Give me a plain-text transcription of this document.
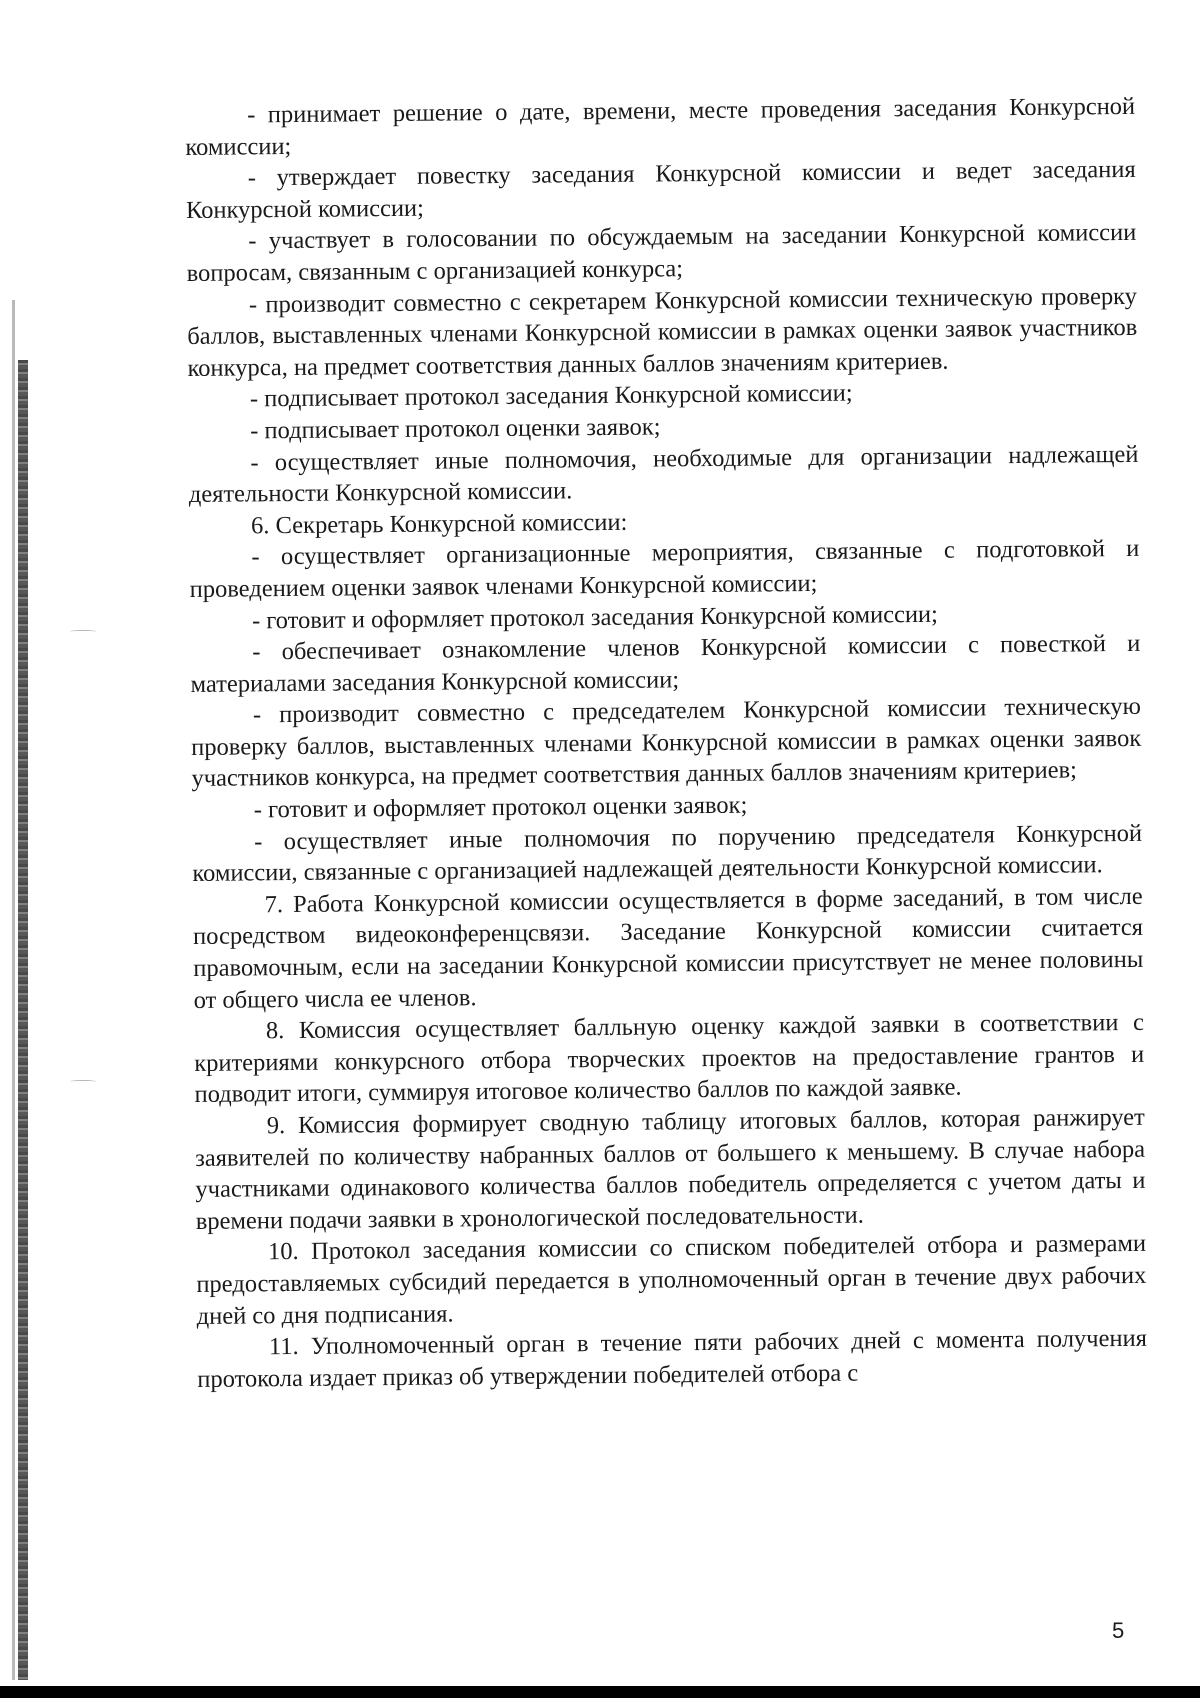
- принимает решение о дате, времени, месте проведения заседания Конкурсной комиссии;

- утверждает повестку заседания Конкурсной комиссии и ведет заседания Конкурсной комиссии;

- участвует в голосовании по обсуждаемым на заседании Конкурсной комиссии вопросам, связанным с организацией конкурса;

- производит совместно с секретарем Конкурсной комиссии техническую проверку баллов, выставленных членами Конкурсной комиссии в рамках оценки заявок участников конкурса, на предмет соответствия данных баллов значениям критериев.

- подписывает протокол заседания Конкурсной комиссии;

- подписывает протокол оценки заявок;

- осуществляет иные полномочия, необходимые для организации надлежащей деятельности Конкурсной комиссии.

6. Секретарь Конкурсной комиссии:

- осуществляет организационные мероприятия, связанные с подготовкой и проведением оценки заявок членами Конкурсной комиссии;

- готовит и оформляет протокол заседания Конкурсной комиссии;

- обеспечивает ознакомление членов Конкурсной комиссии с повесткой и материалами заседания Конкурсной комиссии;

- производит совместно с председателем Конкурсной комиссии техническую проверку баллов, выставленных членами Конкурсной комиссии в рамках оценки заявок участников конкурса, на предмет соответствия данных баллов значениям критериев;

- готовит и оформляет протокол оценки заявок;

- осуществляет иные полномочия по поручению председателя Конкурсной комиссии, связанные с организацией надлежащей деятельности Конкурсной комиссии.

7. Работа Конкурсной комиссии осуществляется в форме заседаний, в том числе посредством видеоконференцсвязи. Заседание Конкурсной комиссии считается правомочным, если на заседании Конкурсной комиссии присутствует не менее половины от общего числа ее членов.

8. Комиссия осуществляет балльную оценку каждой заявки в соответствии с критериями конкурсного отбора творческих проектов на предоставление грантов и подводит итоги, суммируя итоговое количество баллов по каждой заявке.

9. Комиссия формирует сводную таблицу итоговых баллов, которая ранжирует заявителей по количеству набранных баллов от большего к меньшему. В случае набора участниками одинакового количества баллов победитель определяется с учетом даты и времени подачи заявки в хронологической последовательности.

10. Протокол заседания комиссии со списком победителей отбора и размерами предоставляемых субсидий передается в уполномоченный орган в течение двух рабочих дней со дня подписания.

11. Уполномоченный орган в течение пяти рабочих дней с момента получения протокола издает приказ об утверждении победителей отбора с

5
